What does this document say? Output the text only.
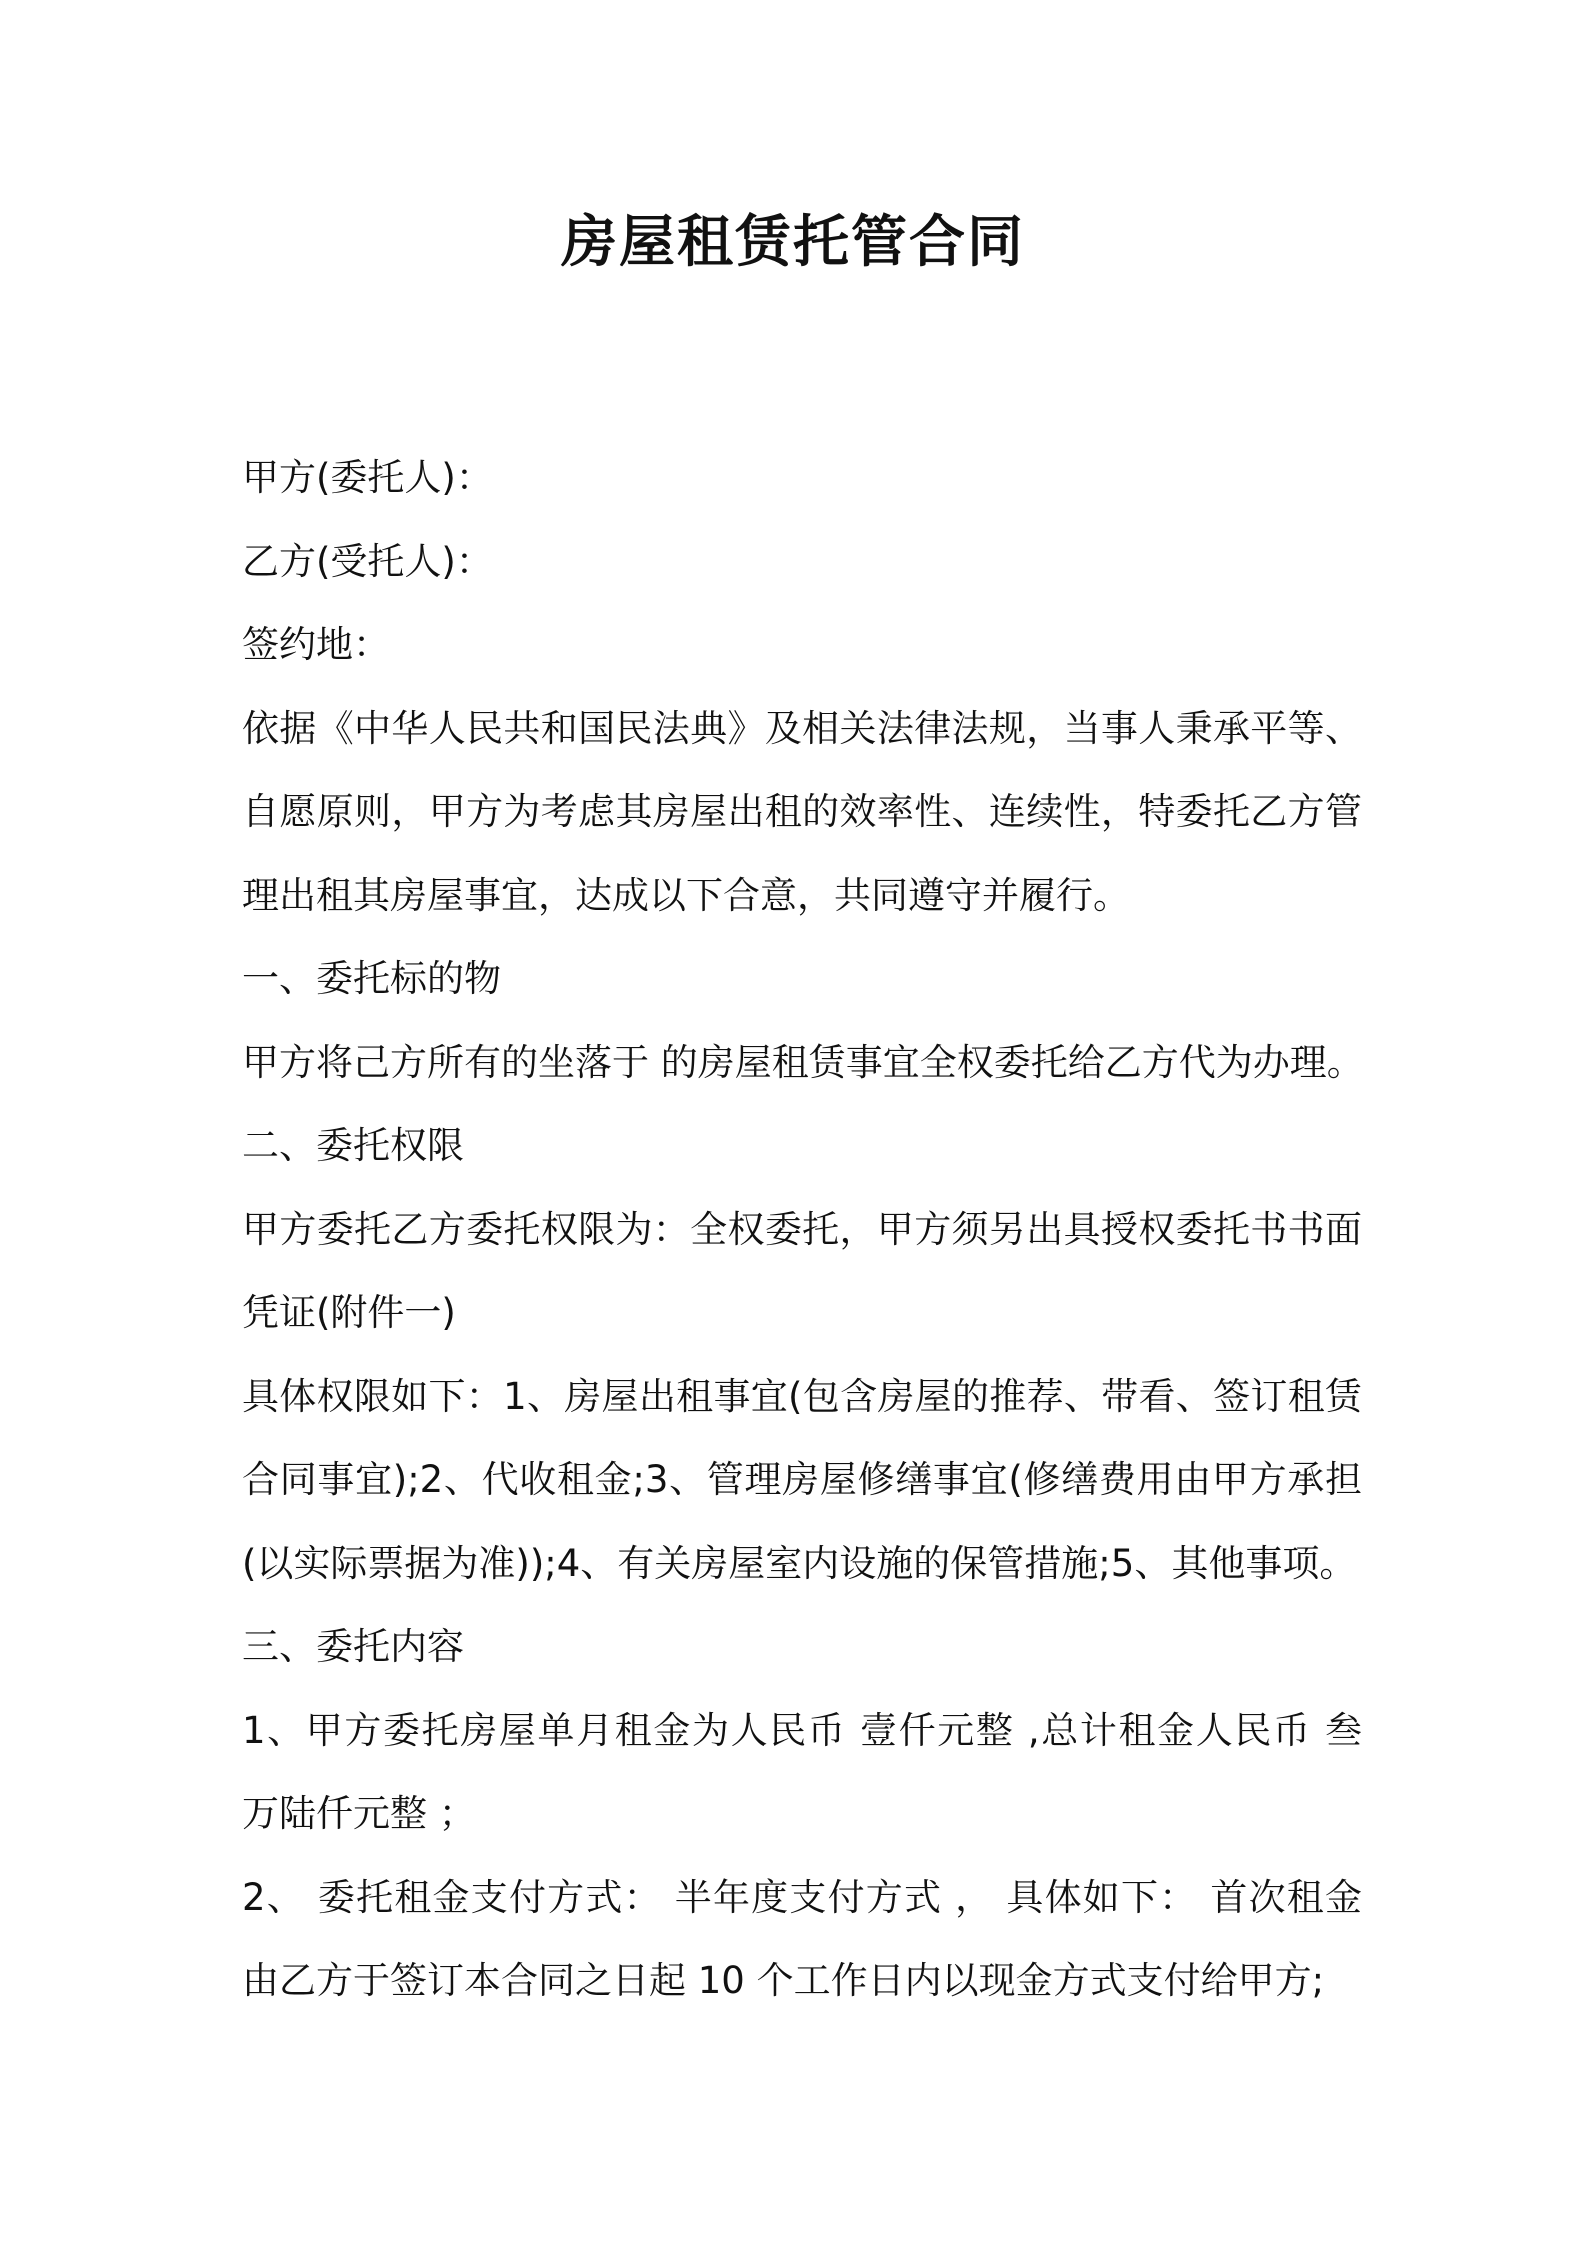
房屋租赁托管合同
甲方(委托人)：
乙方(受托人)：
签约地：
依据《中华人民共和国民法典》及相关法律法规，当事人秉承平等、
自愿原则，甲方为考虑其房屋出租的效率性、连续性，特委托乙方管
理出租其房屋事宜，达成以下合意，共同遵守并履行。
一、委托标的物
甲方将己方所有的坐落于 的房屋租赁事宜全权委托给乙方代为办理。
二、委托权限
甲方委托乙方委托权限为：全权委托，甲方须另出具授权委托书书面
凭证(附件一)
具体权限如下：1、房屋出租事宜(包含房屋的推荐、带看、签订租赁
合同事宜);2、代收租金;3、管理房屋修缮事宜(修缮费用由甲方承担
(以实际票据为准));4、有关房屋室内设施的保管措施;5、其他事项。
三、委托内容
1、甲方委托房屋单月租金为人民币 壹仟元整 ,总计租金人民币 叁
万陆仟元整 ；
2、 委托租金支付方式： 半年度支付方式 ， 具体如下： 首次租金
由乙方于签订本合同之日起 10 个工作日内以现金方式支付给甲方;
